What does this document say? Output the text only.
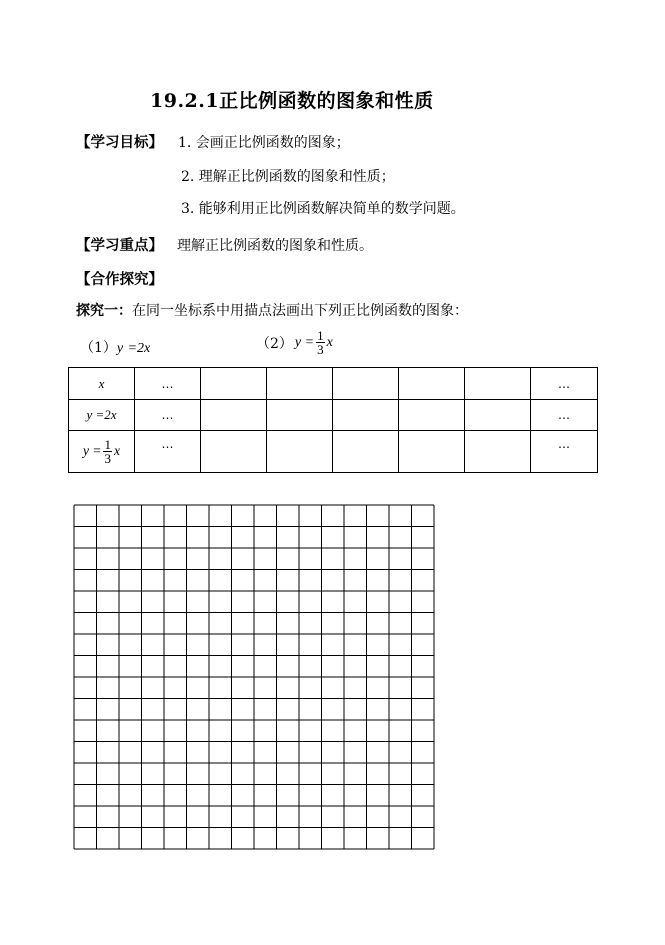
19.2.1正比例函数的图象和性质
【学习目标】 1. 会画正比例函数的图象；
2. 理解正比例函数的图象和性质；
3. 能够利用正比例函数解决简单的数学问题。
【学习重点】 理解正比例函数的图象和性质。
【合作探究】
探究一：在同一坐标系中用描点法画出下列正比例函数的图象：
（1）y =2x	（2） $y = \frac{1}{3}$ x
x	…						…
y =2x	…						…
$y = \frac{1}{3}$ x	…						…
